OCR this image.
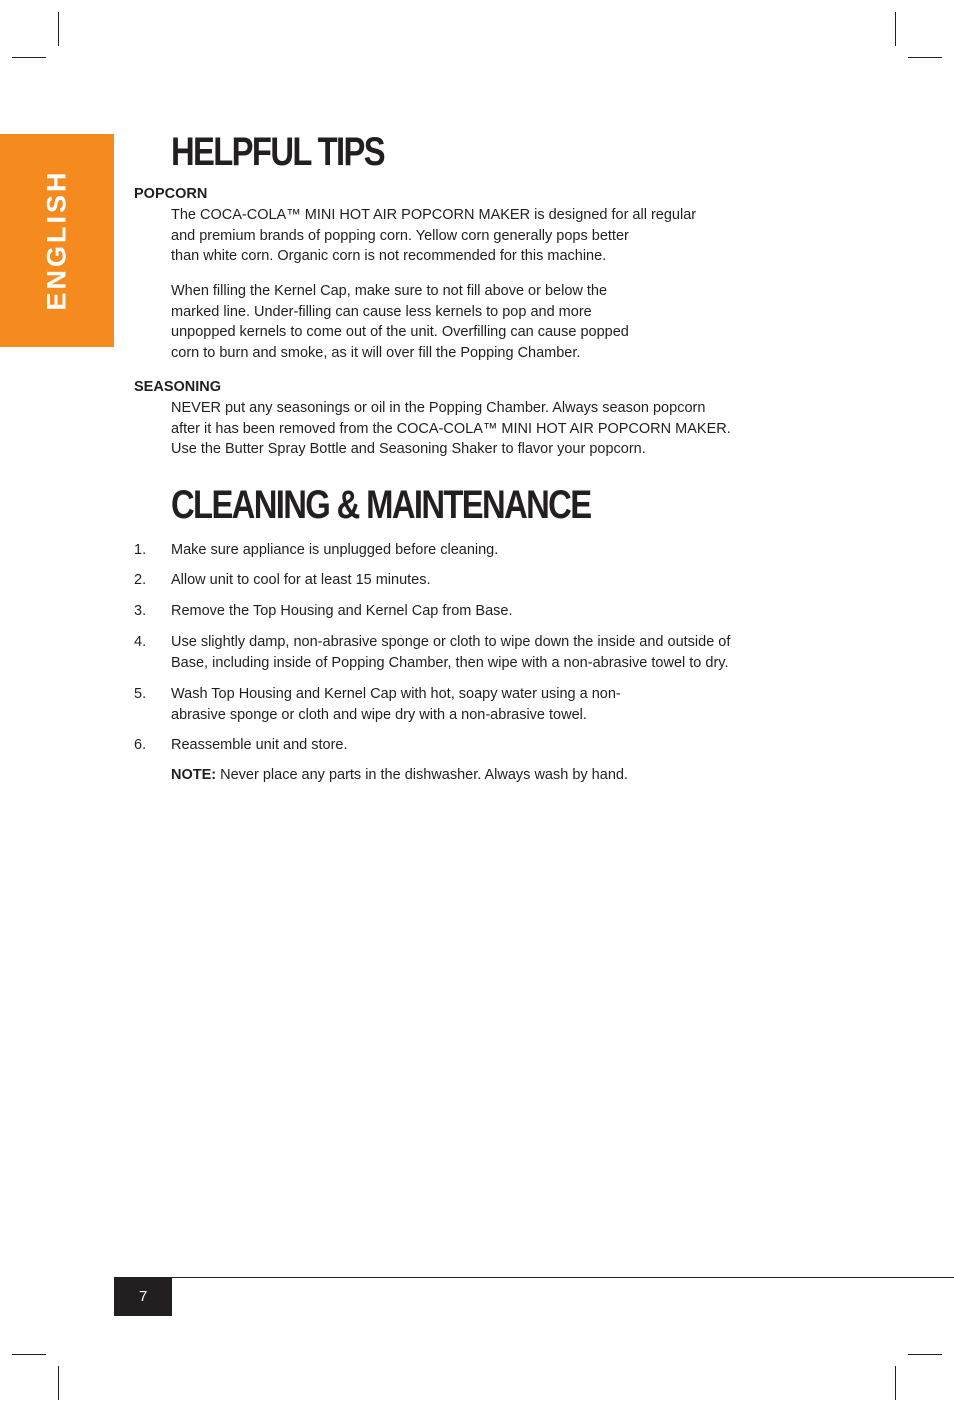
ENGLISH
HELPFUL TIPS
POPCORN

The COCA-COLA™ MINI HOT AIR POPCORN MAKER is designed for all regular
and premium brands of popping corn. Yellow corn generally pops better
than white corn. Organic corn is not recommended for this machine.

When filling the Kernel Cap, make sure to not fill above or below the
marked line. Under-filling can cause less kernels to pop and more
unpopped kernels to come out of the unit. Overfilling can cause popped
corn to burn and smoke, as it will over fill the Popping Chamber.

SEASONING

NEVER put any seasonings or oil in the Popping Chamber. Always season popcorn
after it has been removed from the COCA-COLA™ MINI HOT AIR POPCORN MAKER.
Use the Butter Spray Bottle and Seasoning Shaker to flavor your popcorn.

CLEANING & MAINTENANCE
1.	Make sure appliance is unplugged before cleaning.
2.	Allow unit to cool for at least 15 minutes.
3.	Remove the Top Housing and Kernel Cap from Base.
4.	Use slightly damp, non-abrasive sponge or cloth to wipe down the inside and outside of
Base, including inside of Popping Chamber, then wipe with a non-abrasive towel to dry.
5.	Wash Top Housing and Kernel Cap with hot, soapy water using a non-
abrasive sponge or cloth and wipe dry with a non-abrasive towel.
6.	Reassemble unit and store.
NOTE: Never place any parts in the dishwasher. Always wash by hand.
7
